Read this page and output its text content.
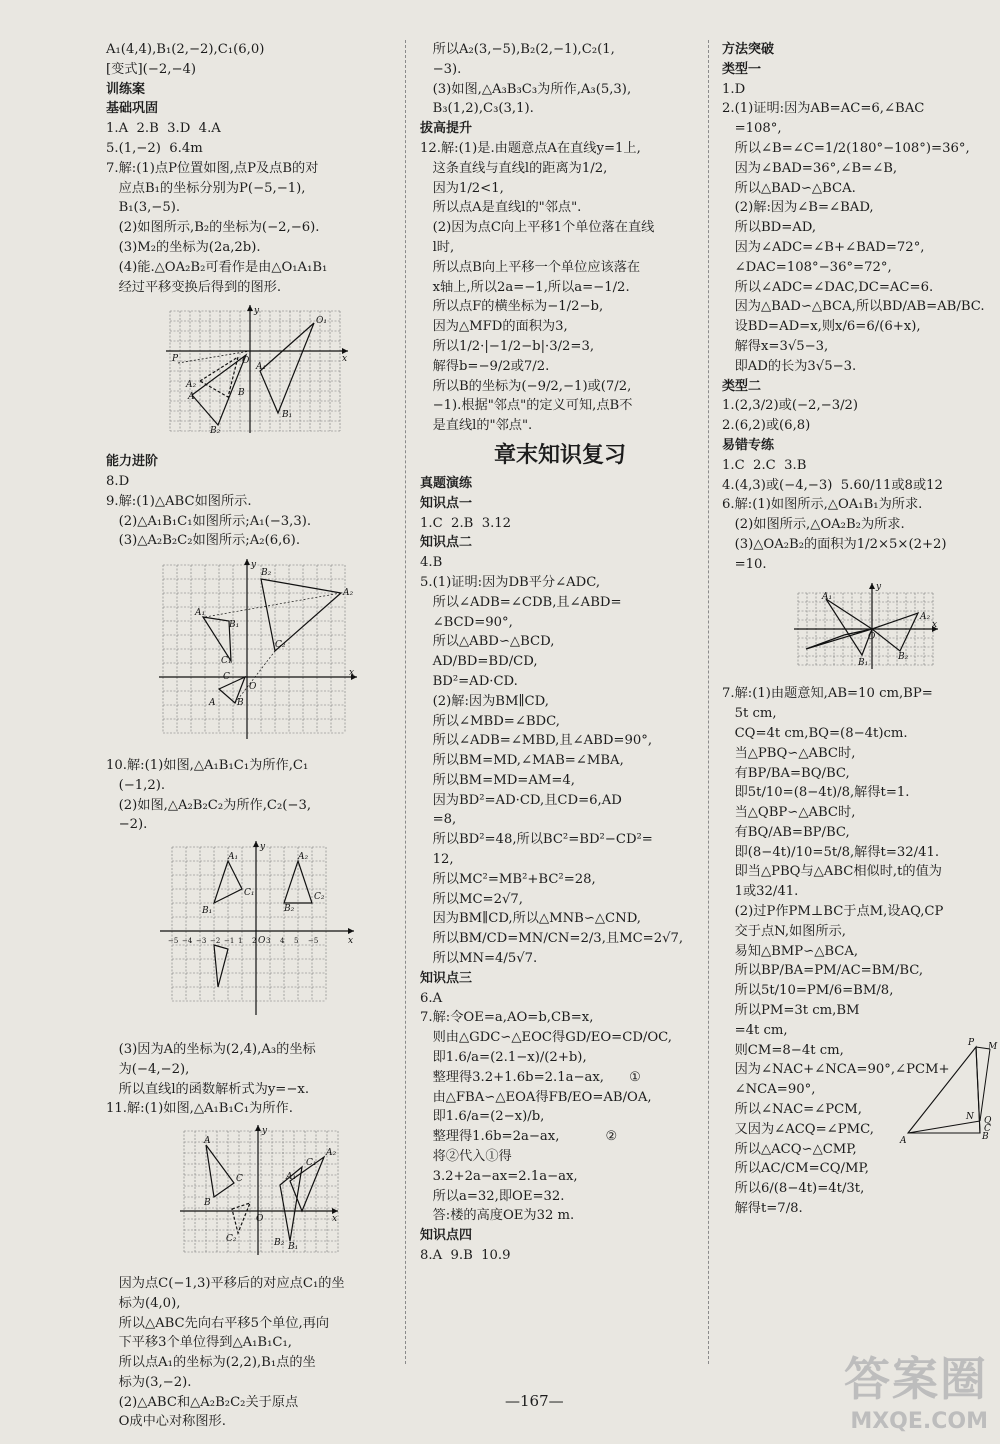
A₁(4,4),B₁(2,−2),C₁(6,0)
[变式](−2,−4)
训练案
基础巩固
1.A  2.B  3.D  4.A
5.(1,−2)  6.4m
7.解:(1)点P位置如图,点P及点B的对
应点B₁的坐标分别为P(−5,−1),
B₁(3,−5).
(2)如图所示,B₂的坐标为(−2,−6).
(3)M₂的坐标为(2a,2b).
(4)能.△OA₂B₂可看作是由△O₁A₁B₁
经过平移变换后得到的图形.
y
O	x
P
A	B
A₂
B₂
O₁
A₁
B₁
能力进阶
8.D
9.解:(1)△ABC如图所示.
(2)△A₁B₁C₁如图所示;A₁(−3,3).
(3)△A₂B₂C₂如图所示;A₂(6,6).
y
O
x
A₂
B₂
C₂
A₁
B₁
C₁
A B
C
10.解:(1)如图,△A₁B₁C₁为所作,C₁
(−1,2).
(2)如图,△A₂B₂C₂为所作,C₂(−3,
−2).
y
O	x
A₁
B₁
C₁
A₂
B₂
C₂
−5 −4 −3 −2 −1 1 2 3 4 5 −5
(3)因为A的坐标为(2,4),A₃的坐标
为(−4,−2),
所以直线l的函数解析式为y=−x.
11.解:(1)如图,△A₁B₁C₁为所作.
y
O	x
A
B
C	A₁
B₁
C₁
A₂
B₂
C₂
因为点C(−1,3)平移后的对应点C₁的坐
标为(4,0),
所以△ABC先向右平移5个单位,再向
下平移3个单位得到△A₁B₁C₁,
所以点A₁的坐标为(2,2),B₁点的坐
标为(3,−2).
(2)△ABC和△A₂B₂C₂关于原点
O成中心对称图形.
所以A₂(3,−5),B₂(2,−1),C₂(1,
−3).
(3)如图,△A₃B₃C₃为所作,A₃(5,3),
B₃(1,2),C₃(3,1).
拔高提升
12.解:(1)是.由题意点A在直线y=1上,
这条直线与直线l的距离为1/2,
因为1/2<1,
所以点A是直线l的"邻点".
(2)因为点C向上平移1个单位落在直线
l时,
所以点B向上平移一个单位应该落在
x轴上,所以2a=−1,所以a=−1/2.
所以点F的横坐标为−1/2−b,
因为△MFD的面积为3,
所以1/2·|−1/2−b|·3/2=3,
解得b=−9/2或7/2.
所以B的坐标为(−9/2,−1)或(7/2,
−1).根据"邻点"的定义可知,点B不
是直线l的"邻点".
章末知识复习
真题演练
知识点一
1.C  2.B  3.12
知识点二
4.B
5.(1)证明:因为DB平分∠ADC,
所以∠ADB=∠CDB,且∠ABD=
∠BCD=90°,
所以△ABD∽△BCD,
AD/BD=BD/CD,
BD²=AD·CD.
(2)解:因为BM∥CD,
所以∠MBD=∠BDC,
所以∠ADB=∠MBD,且∠ABD=90°,
所以BM=MD,∠MAB=∠MBA,
所以BM=MD=AM=4,
因为BD²=AD·CD,且CD=6,AD
=8,
所以BD²=48,所以BC²=BD²−CD²=
12,
所以MC²=MB²+BC²=28,
所以MC=2√7,
因为BM∥CD,所以△MNB∽△CND,
所以BM/CD=MN/CN=2/3,且MC=2√7,
所以MN=4/5√7.
知识点三
6.A
7.解:令OE=a,AO=b,CB=x,
则由△GDC∽△EOC得GD/EO=CD/OC,
即1.6/a=(2.1−x)/(2+b),
整理得3.2+1.6b=2.1a−ax,      ①
由△FBA∽△EOA得FB/EO=AB/OA,
即1.6/a=(2−x)/b,
整理得1.6b=2a−ax,           ②
将②代入①得
3.2+2a−ax=2.1a−ax,
所以a=32,即OE=32.
答:楼的高度OE为32 m.
知识点四
8.A  9.B  10.9
方法突破
类型一
1.D
2.(1)证明:因为AB=AC=6,∠BAC
=108°,
所以∠B=∠C=1/2(180°−108°)=36°,
因为∠BAD=36°,∠B=∠B,
所以△BAD∽△BCA.
(2)解:因为∠B=∠BAD,
所以BD=AD,
因为∠ADC=∠B+∠BAD=72°,
∠DAC=108°−36°=72°,
所以∠ADC=∠DAC,DC=AC=6.
因为△BAD∽△BCA,所以BD/AB=AB/BC.
设BD=AD=x,则x/6=6/(6+x),
解得x=3√5−3,
即AD的长为3√5−3.
类型二
1.(2,3/2)或(−2,−3/2)
2.(6,2)或(6,8)
易错专练
1.C  2.C  3.B
4.(4,3)或(−4,−3)  5.60/11或8或12
6.解:(1)如图所示,△OA₁B₁为所求.
(2)如图所示,△OA₂B₂为所求.
(3)△OA₂B₂的面积为1/2×5×(2+2)
=10.
y
O
x
A₁
B₁
A₂
B₂
7.解:(1)由题意知,AB=10 cm,BP=
5t cm,
CQ=4t cm,BQ=(8−4t)cm.
当△PBQ∽△ABC时,
有BP/BA=BQ/BC,
即5t/10=(8−4t)/8,解得t=1.
当△QBP∽△ABC时,
有BQ/AB=BP/BC,
即(8−4t)/10=5t/8,解得t=32/41.
即当△PBQ与△ABC相似时,t的值为
1或32/41.
(2)过P作PM⊥BC于点M,设AQ,CP
交于点N,如图所示,
易知△BMP∽△BCA,
所以BP/BA=PM/AC=BM/BC,
所以5t/10=PM/6=BM/8,
所以PM=3t cm,BM
=4t cm,
则CM=8−4t cm,
因为∠NAC+∠NCA=90°,∠PCM+
∠NCA=90°,
所以∠NAC=∠PCM,
又因为∠ACQ=∠PMC,
所以△ACQ∽△CMP,
所以AC/CM=CQ/MP,
所以6/(8−4t)=4t/3t,
解得t=7/8.
A	B
C
P M
Q
N
—167—	答案圈
MXQE.COM
